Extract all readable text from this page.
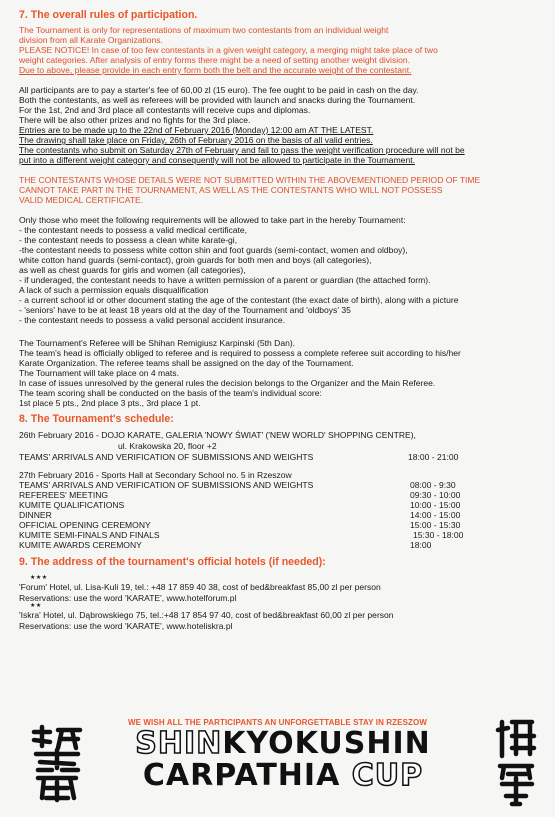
7. The overall rules of participation.
The Tournament is only for representations of maximum two contestants from an individual weight
division from all Karate Organizations.
PLEASE NOTICE! In case of too few contestants in a given weight category, a merging might take place of two
weight categories. After analysis of entry forms there might be a need of setting another weight division.
Due to above, please provide in each entry form both the belt and the accurate weight of the contestant.
All participants are to pay a starter's fee of 60,00 zl (15 euro). The fee ought to be paid in cash on the day.
Both the contestants, as well as referees will be provided with launch and snacks during the Tournament.
For the 1st, 2nd and 3rd place all contestants will receive cups and diplomas.
There will be also other prizes and no fights for the 3rd place.
Entries are to be made up to the 22nd of February 2016 (Monday) 12:00 am AT THE LATEST.
The drawing shall take place on Friday, 26th of February 2016 on the basis of all valid entries.
The contestants who submit on Saturday 27th of February and fail to pass the weight verification procedure will not be
put into a different weight category and consequently will not be allowed to participate in the Tournament.
THE CONTESTANTS WHOSE DETAILS WERE NOT SUBMITTED WITHIN THE ABOVEMENTIONED PERIOD OF TIME
CANNOT TAKE PART IN THE TOURNAMENT, AS WELL AS THE CONTESTANTS WHO WILL NOT POSSESS
VALID MEDICAL CERTIFICATE.
Only those who meet the following requirements will be allowed to take part in the hereby Tournament:
- the contestant needs to possess a valid medical certificate,
- the contestant needs to possess a clean white karate-gi,
-the contestant needs to possess white cotton shin and foot guards (semi-contact, women and oldboy),
white cotton hand guards (semi-contact), groin guards for both men and boys (all categories),
as well as chest guards for girls and women (all categories),
- if underaged, the contestant needs to have a written permission of a parent or guardian (the attached form).
A lack of such a permission equals disqualification
- a current school id or other document stating the age of the contestant (the exact date of birth), along with a picture
- 'seniors' have to be at least 18 years old at the day of the Tournament and 'oldboys' 35
- the contestant needs to possess a valid personal accident insurance.
The Tournament's Referee will be Shihan Remigiusz Karpinski (5th Dan).
The team's head is officially obliged to referee and is required to possess a complete referee suit according to his/her
Karate Organization. The referee teams shall be assigned on the day of the Tournament.
The Tournament will take place on 4 mats.
In case of issues unresolved by the general rules the decision belongs to the Organizer and the Main Referee.
The team scoring shall be conducted on the basis of the team's individual score:
1st place 5 pts., 2nd place 3 pts., 3rd place 1 pt.
8. The Tournament's schedule:
26th February 2016 - DOJO KARATE, GALERIA 'NOWY ŚWIAT' ('NEW WORLD' SHOPPING CENTRE),
ul. Krakowska 20, floor +2
TEAMS' ARRIVALS AND VERIFICATION OF SUBMISSIONS AND WEIGHTS	18:00 - 21:00
27th February 2016 - Sports Hall at Secondary School no. 5 in Rzeszow
TEAMS' ARRIVALS AND VERIFICATION OF SUBMISSIONS AND WEIGHTS	08:00 - 9:30
REFEREES' MEETING	09:30 - 10:00
KUMITE QUALIFICATIONS	10:00 - 15:00
DINNER	14:00 - 15:00
OFFICIAL OPENING CEREMONY	15:00 - 15:30
KUMITE SEMI-FINALS AND FINALS	15:30 - 18:00
KUMITE AWARDS CEREMONY	18:00
9. The address of the tournament's official hotels (if needed):
★★★
'Forum' Hotel, ul. Lisa-Kuli 19, tel.: +48 17 859 40 38, cost of bed&breakfast 85,00 zl per person
Reservations: use the word 'KARATE', www.hotelforum.pl
★★
'Iskra' Hotel, ul. Dąbrowskiego 75, tel.:+48 17 854 97 40, cost of bed&breakfast 60,00 zl per person
Reservations: use the word 'KARATE', www.hoteliskra.pl
WE WISH ALL THE PARTICIPANTS AN UNFORGETTABLE STAY IN RZESZOW
SHINKYOKUSHIN
CARPATHIA CUP
